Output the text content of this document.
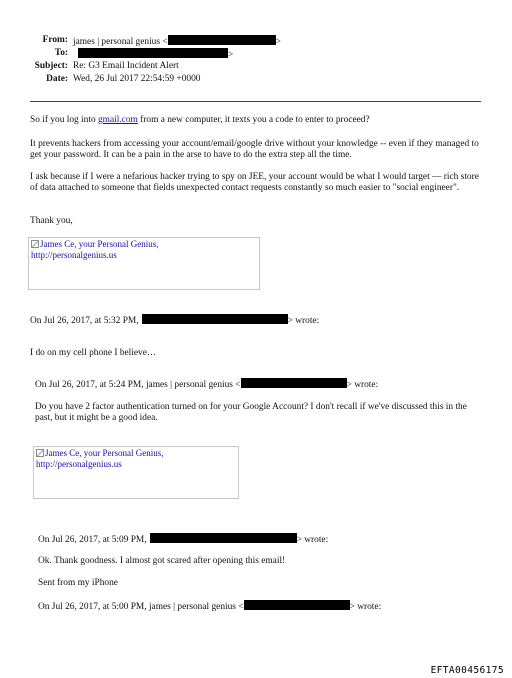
From: james | personal genius <	>
To:	>
Subject: Re: G3 Email Incident Alert
Date: Wed, 26 Jul 2017 22:54:59 +0000
So if you log into gmail.com from a new computer, it texts you a code to enter to proceed?
It prevents hackers from accessing your account/email/google drive without your knowledge -- even if they managed to get your password. It can be a pain in the arse to have to do the extra step all the time.
I ask because if I were a nefarious hacker trying to spy on JEE, your account would be what I would target — rich store of data attached to someone that fields unexpected contact requests constantly so much easier to "social engineer".
Thank you,
James Ce, your Personal Genius,
http://personalgenius.us
On Jul 26, 2017, at 5:32 PM,	> wrote:
I do on my cell phone I believe…
On Jul 26, 2017, at 5:24 PM, james | personal genius <	> wrote:
Do you have 2 factor authentication turned on for your Google Account? I don't recall if we've discussed this in the past, but it might be a good idea.
James Ce, your Personal Genius,
http://personalgenius.us
On Jul 26, 2017, at 5:09 PM,	> wrote:
Ok. Thank goodness. I almost got scared after opening this email!
Sent from my iPhone
On Jul 26, 2017, at 5:00 PM, james | personal genius <	> wrote:
EFTA00456175
